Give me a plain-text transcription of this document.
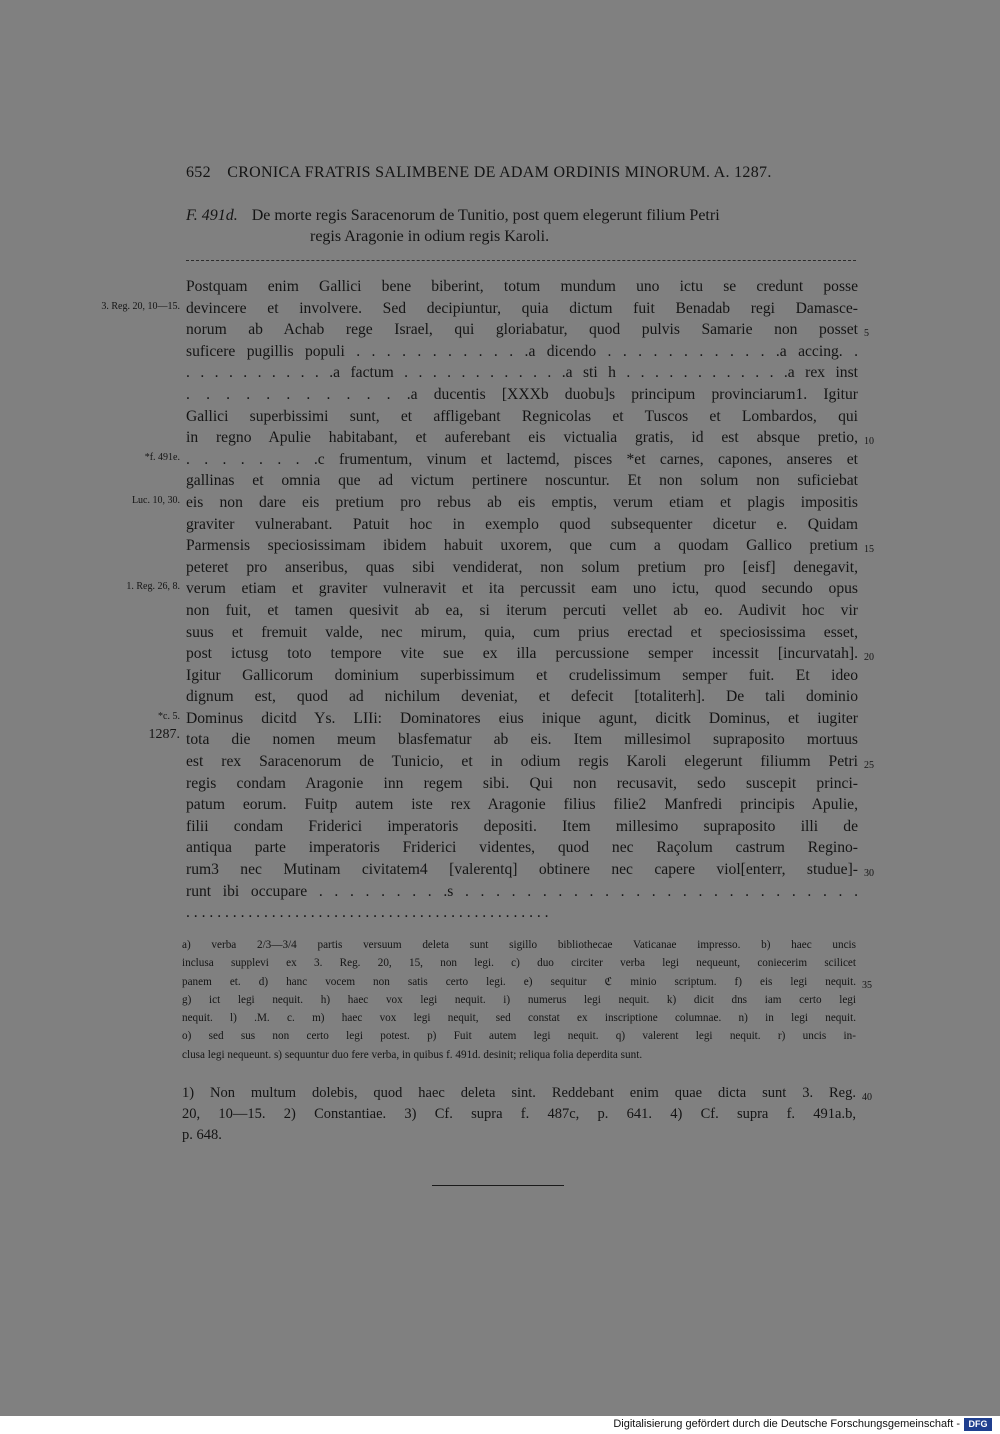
652 CRONICA FRATRIS SALIMBENE DE ADAM ORDINIS MINORUM. A. 1287.
F. 491d. De morte regis Saracenorum de Tunitio, post quem elegerunt filium Petri
regis Aragonie in odium regis Karoli.
Postquam enim Gallici bene biberint, totum mundum uno ictu se credunt posse
devincere et involvere. Sed decipiuntur, quia dictum fuit Benadab regi Damasce-
3. Reg. 20, 10—15.
norum ab Achab rege Israel, qui gloriabatur, quod pulvis Samarie non posset 5
suficere pugillis populi . . . . . . . . . . . .a dicendo . . . . . . . . . . . .a accing. .
. . . . . . . . . . .a factum . . . . . . . . . . . .a sti h . . . . . . . . . . . .a rex inst
. . . . . . . . . . . .a ducentis [XXXb duobu]s principum provinciarum1. Igitur
Gallici superbissimi sunt, et affligebant Regnicolas et Tuscos et Lombardos, qui
in regno Apulie habitabant, et auferebant eis victualia gratis, id est absque pretio, 10
. . . . . . . .c frumentum, vinum et lactemd, pisces *et carnes, capones, anseres et
*f. 491e.
gallinas et omnia que ad victum pertinere noscuntur. Et non solum non suficiebat
eis non dare eis pretium pro rebus ab eis emptis, verum etiam et plagis impositis
Luc. 10, 30.
graviter vulnerabant. Patuit hoc in exemplo quod subsequenter dicetur e. Quidam
Parmensis speciosissimam ibidem habuit uxorem, que cum a quodam Gallico pretium 15
peteret pro anseribus, quas sibi vendiderat, non solum pretium pro [eisf] denegavit,
verum etiam et graviter vulneravit et ita percussit eam uno ictu, quod secundo opus
1. Reg. 26, 8.
non fuit, et tamen quesivit ab ea, si iterum percuti vellet ab eo. Audivit hoc vir
suus et fremuit valde, nec mirum, quia, cum prius erectad et speciosissima esset,
post ictusg toto tempore vite sue ex illa percussione semper incessit [incurvatah]. 20
Igitur Gallicorum dominium superbissimum et crudelissimum semper fuit. Et ideo
dignum est, quod ad nichilum deveniat, et defecit [totaliterh]. De tali dominio
Dominus dicitd Ys. LIIi: Dominatores eius inique agunt, dicitk Dominus, et iugiter
*c. 5.
tota die nomen meum blasfematur ab eis. Item millesimol supraposito mortuus
1287.
est rex Saracenorum de Tunicio, et in odium regis Karoli elegerunt filiumm Petri 25
regis condam Aragonie inn regem sibi. Qui non recusavit, sedo suscepit princi-
patum eorum. Fuitp autem iste rex Aragonie filius filie2 Manfredi principis Apulie,
filii condam Friderici imperatoris depositi. Item millesimo supraposito illi de
antiqua parte imperatoris Friderici videntes, quod nec Raçolum castrum Regino-
rum3 nec Mutinam civitatem4 [valerentq] obtinere nec capere viol[enterr, studue]- 30
runt ibi occupare . . . . . . . . .s . . . . . . . . . . . . . . . . . . . . . . . . . .
. . . . . . . . . . . . . . . . . . . . . . . . . . . . . . . . . . . . . . . . . . . . . . .
a) verba 2/3—3/4 partis versuum deleta sunt sigillo bibliothecae Vaticanae impresso. b) haec uncis
inclusa supplevi ex 3. Reg. 20, 15, non legi. c) duo circiter verba legi nequeunt, coniecerim scilicet
panem et. d) hanc vocem non satis certo legi. e) sequitur ℭ minio scriptum. f) eis legi nequit. 35
g) ict legi nequit. h) haec vox legi nequit. i) numerus legi nequit. k) dicit dns iam certo legi
nequit. l) .M. c. m) haec vox legi nequit, sed constat ex inscriptione columnae. n) in legi nequit.
o) sed sus non certo legi potest. p) Fuit autem legi nequit. q) valerent legi nequit. r) uncis in-
clusa legi nequeunt. s) sequuntur duo fere verba, in quibus f. 491d. desinit; reliqua folia deperdita sunt.
1) Non multum dolebis, quod haec deleta sint. Reddebant enim quae dicta sunt 3. Reg. 40
20, 10—15. 2) Constantiae. 3) Cf. supra f. 487c, p. 641. 4) Cf. supra f. 491a.b,
p. 648.
Digitalisierung gefördert durch die Deutsche Forschungsgemeinschaft - DFG
